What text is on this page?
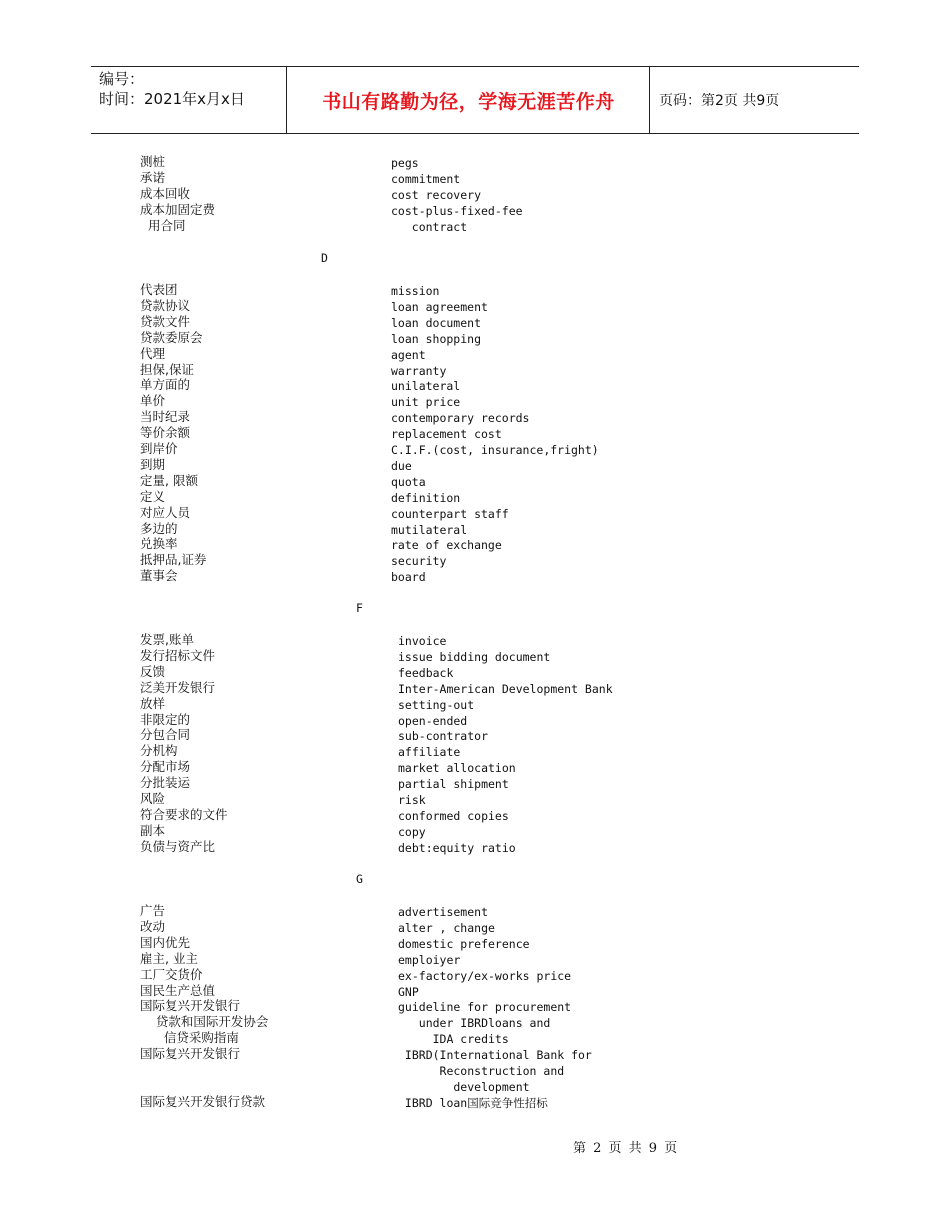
编号：
时间：2021年x月x日	书山有路勤为径，学海无涯苦作舟	页码：第2页 共9页
测桩	pegs
承诺	commitment
成本回收	cost recovery
成本加固定费	cost-plus-fixed-fee
用合同	contract
D
代表团	mission
贷款协议	loan agreement
贷款文件	loan document
贷款委原会	loan shopping
代理	agent
担保,保证	warranty
单方面的	unilateral
单价	unit price
当时纪录	contemporary records
等价余额	replacement cost
到岸价	C.I.F.(cost, insurance,fright)
到期	due
定量, 限额	quota
定义	definition
对应人员	counterpart staff
多边的	mutilateral
兑换率	rate of exchange
抵押品,证券	security
董事会	board
F
发票,账单	invoice
发行招标文件	issue bidding document
反馈	feedback
泛美开发银行	Inter-American Development Bank
放样	setting-out
非限定的	open-ended
分包合同	sub-contrator
分机构	affiliate
分配市场	market allocation
分批装运	partial shipment
风险	risk
符合要求的文件	conformed copies
副本	copy
负债与资产比	debt:equity ratio
G
广告	advertisement
改动	alter , change
国内优先	domestic preference
雇主, 业主	emploiyer
工厂交货价	ex-factory/ex-works price
国民生产总值	GNP
国际复兴开发银行	guideline for procurement
贷款和国际开发协会	under IBRDloans and
信贷采购指南	IDA credits
国际复兴开发银行	IBRD(International Bank for
Reconstruction and
development
国际复兴开发银行贷款	IBRD loan国际竞争性招标
第 2 页 共 9 页
